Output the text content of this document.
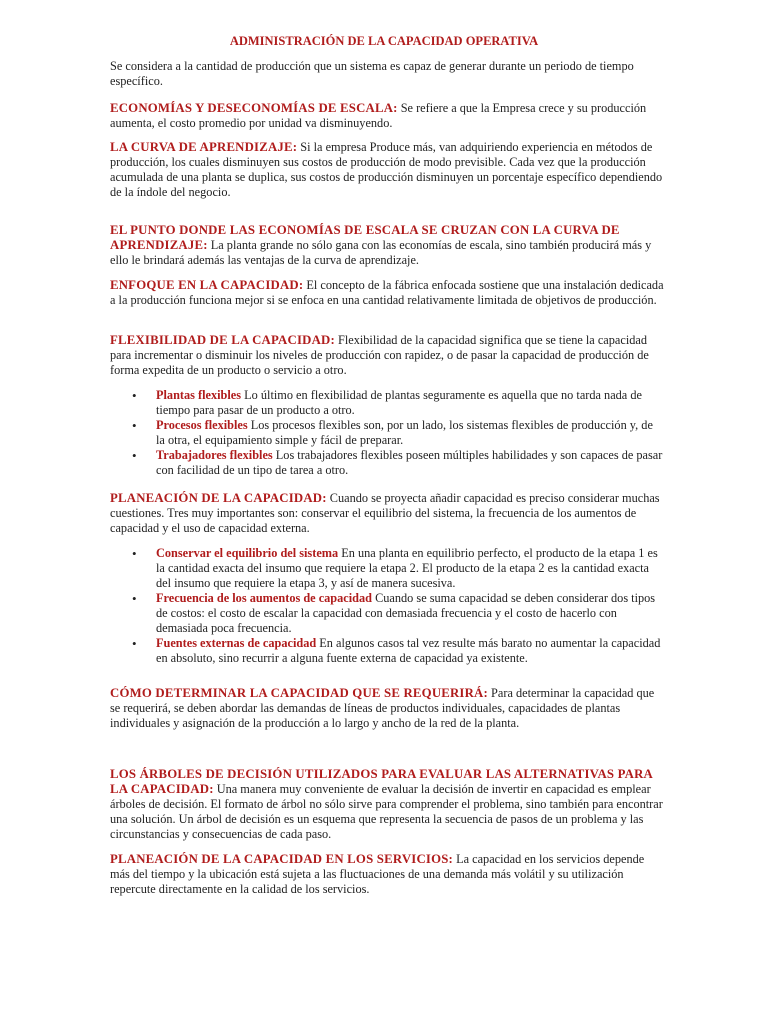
ADMINISTRACIÓN DE LA CAPACIDAD OPERATIVA

Se considera a la cantidad de producción que un sistema es capaz de generar durante un periodo de tiempo específico.

ECONOMÍAS Y DESECONOMÍAS DE ESCALA: Se refiere a que la Empresa crece y su producción aumenta, el costo promedio por unidad va disminuyendo.

LA CURVA DE APRENDIZAJE: Si la empresa Produce más, van adquiriendo experiencia en métodos de producción, los cuales disminuyen sus costos de producción de modo previsible. Cada vez que la producción acumulada de una planta se duplica, sus costos de producción disminuyen un porcentaje específico dependiendo de la índole del negocio.

EL PUNTO DONDE LAS ECONOMÍAS DE ESCALA SE CRUZAN CON LA CURVA DE APRENDIZAJE: La planta grande no sólo gana con las economías de escala, sino también producirá más y ello le brindará además las ventajas de la curva de aprendizaje.

ENFOQUE EN LA CAPACIDAD: El concepto de la fábrica enfocada sostiene que una instalación dedicada a la producción funciona mejor si se enfoca en una cantidad relativamente limitada de objetivos de producción.

FLEXIBILIDAD DE LA CAPACIDAD: Flexibilidad de la capacidad significa que se tiene la capacidad para incrementar o disminuir los niveles de producción con rapidez, o de pasar la capacidad de producción de forma expedita de un producto o servicio a otro.

• Plantas flexibles Lo último en flexibilidad de plantas seguramente es aquella que no tarda nada de tiempo para pasar de un producto a otro.
• Procesos flexibles Los procesos flexibles son, por un lado, los sistemas flexibles de producción y, de la otra, el equipamiento simple y fácil de preparar.
• Trabajadores flexibles Los trabajadores flexibles poseen múltiples habilidades y son capaces de pasar con facilidad de un tipo de tarea a otro.

PLANEACIÓN DE LA CAPACIDAD: Cuando se proyecta añadir capacidad es preciso considerar muchas cuestiones. Tres muy importantes son: conservar el equilibrio del sistema, la frecuencia de los aumentos de capacidad y el uso de capacidad externa.

• Conservar el equilibrio del sistema En una planta en equilibrio perfecto, el producto de la etapa 1 es la cantidad exacta del insumo que requiere la etapa 2. El producto de la etapa 2 es la cantidad exacta del insumo que requiere la etapa 3, y así de manera sucesiva.
• Frecuencia de los aumentos de capacidad Cuando se suma capacidad se deben considerar dos tipos de costos: el costo de escalar la capacidad con demasiada frecuencia y el costo de hacerlo con demasiada poca frecuencia.
• Fuentes externas de capacidad En algunos casos tal vez resulte más barato no aumentar la capacidad en absoluto, sino recurrir a alguna fuente externa de capacidad ya existente.

CÓMO DETERMINAR LA CAPACIDAD QUE SE REQUERIRÁ: Para determinar la capacidad que se requerirá, se deben abordar las demandas de líneas de productos individuales, capacidades de plantas individuales y asignación de la producción a lo largo y ancho de la red de la planta.

LOS ÁRBOLES DE DECISIÓN UTILIZADOS PARA EVALUAR LAS ALTERNATIVAS PARA LA CAPACIDAD: Una manera muy conveniente de evaluar la decisión de invertir en capacidad es emplear árboles de decisión. El formato de árbol no sólo sirve para comprender el problema, sino también para encontrar una solución. Un árbol de decisión es un esquema que representa la secuencia de pasos de un problema y las circunstancias y consecuencias de cada paso.

PLANEACIÓN DE LA CAPACIDAD EN LOS SERVICIOS: La capacidad en los servicios depende más del tiempo y la ubicación está sujeta a las fluctuaciones de una demanda más volátil y su utilización repercute directamente en la calidad de los servicios.
